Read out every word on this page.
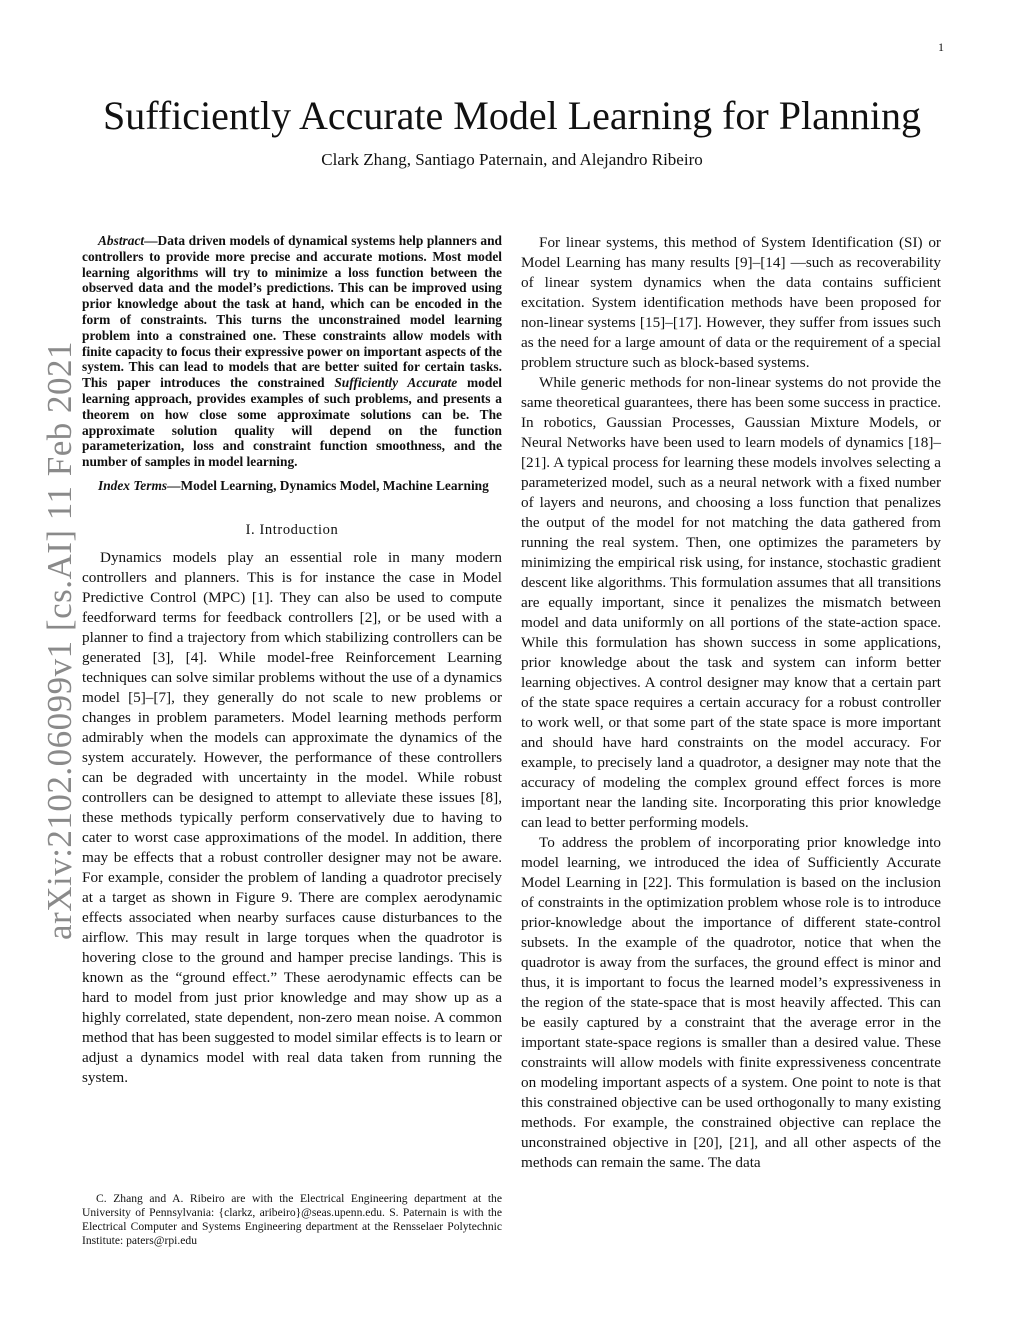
1
arXiv:2102.06099v1 [cs.AI] 11 Feb 2021
Sufficiently Accurate Model Learning for Planning
Clark Zhang, Santiago Paternain, and Alejandro Ribeiro
Abstract—Data driven models of dynamical systems help planners and controllers to provide more precise and accurate motions. Most model learning algorithms will try to minimize a loss function between the observed data and the model’s predictions. This can be improved using prior knowledge about the task at hand, which can be encoded in the form of constraints. This turns the unconstrained model learning problem into a constrained one. These constraints allow models with finite capacity to focus their expressive power on important aspects of the system. This can lead to models that are better suited for certain tasks. This paper introduces the constrained Sufficiently Accurate model learning approach, provides examples of such problems, and presents a theorem on how close some approximate solutions can be. The approximate solution quality will depend on the function parameterization, loss and constraint function smoothness, and the number of samples in model learning.
Index Terms—Model Learning, Dynamics Model, Machine Learning
I. Introduction

Dynamics models play an essential role in many modern controllers and planners. This is for instance the case in Model Predictive Control (MPC) [1]. They can also be used to compute feedforward terms for feedback controllers [2], or be used with a planner to find a trajectory from which stabilizing controllers can be generated [3], [4]. While model-free Reinforcement Learning techniques can solve similar problems without the use of a dynamics model [5]–[7], they generally do not scale to new problems or changes in problem parameters. Model learning methods perform admirably when the models can approximate the dynamics of the system accurately. However, the performance of these controllers can be degraded with uncertainty in the model. While robust controllers can be designed to attempt to alleviate these issues [8], these methods typically perform conservatively due to having to cater to worst case approximations of the model. In addition, there may be effects that a robust controller designer may not be aware. For example, consider the problem of landing a quadrotor precisely at a target as shown in Figure 9. There are complex aerodynamic effects associated when nearby surfaces cause disturbances to the airflow. This may result in large torques when the quadrotor is hovering close to the ground and hamper precise landings. This is known as the “ground effect.” These aerodynamic effects can be hard to model from just prior knowledge and may show up as a highly correlated, state dependent, non-zero mean noise. A common method that has been suggested to model similar effects is to learn or adjust a dynamics model with real data taken from running the system.

C. Zhang and A. Ribeiro are with the Electrical Engineering department at the University of Pennsylvania: {clarkz, aribeiro}@seas.upenn.edu. S. Paternain is with the Electrical Computer and Systems Engineering department at the Rensselaer Polytechnic Institute: paters@rpi.edu

For linear systems, this method of System Identification (SI) or Model Learning has many results [9]–[14] —such as recoverability of linear system dynamics when the data contains sufficient excitation. System identification methods have been proposed for non-linear systems [15]–[17]. However, they suffer from issues such as the need for a large amount of data or the requirement of a special problem structure such as block-based systems.

While generic methods for non-linear systems do not provide the same theoretical guarantees, there has been some success in practice. In robotics, Gaussian Processes, Gaussian Mixture Models, or Neural Networks have been used to learn models of dynamics [18]–[21]. A typical process for learning these models involves selecting a parameterized model, such as a neural network with a fixed number of layers and neurons, and choosing a loss function that penalizes the output of the model for not matching the data gathered from running the real system. Then, one optimizes the parameters by minimizing the empirical risk using, for instance, stochastic gradient descent like algorithms. This formulation assumes that all transitions are equally important, since it penalizes the mismatch between model and data uniformly on all portions of the state-action space. While this formulation has shown success in some applications, prior knowledge about the task and system can inform better learning objectives. A control designer may know that a certain part of the state space requires a certain accuracy for a robust controller to work well, or that some part of the state space is more important and should have hard constraints on the model accuracy. For example, to precisely land a quadrotor, a designer may note that the accuracy of modeling the complex ground effect forces is more important near the landing site. Incorporating this prior knowledge can lead to better performing models.

To address the problem of incorporating prior knowledge into model learning, we introduced the idea of Sufficiently Accurate Model Learning in [22]. This formulation is based on the inclusion of constraints in the optimization problem whose role is to introduce prior-knowledge about the importance of different state-control subsets. In the example of the quadrotor, notice that when the quadrotor is away from the surfaces, the ground effect is minor and thus, it is important to focus the learned model’s expressiveness in the region of the state-space that is most heavily affected. This can be easily captured by a constraint that the average error in the important state-space regions is smaller than a desired value. These constraints will allow models with finite expressiveness concentrate on modeling important aspects of a system. One point to note is that this constrained objective can be used orthogonally to many existing methods. For example, the constrained objective can replace the unconstrained objective in [20], [21], and all other aspects of the methods can remain the same. The data
